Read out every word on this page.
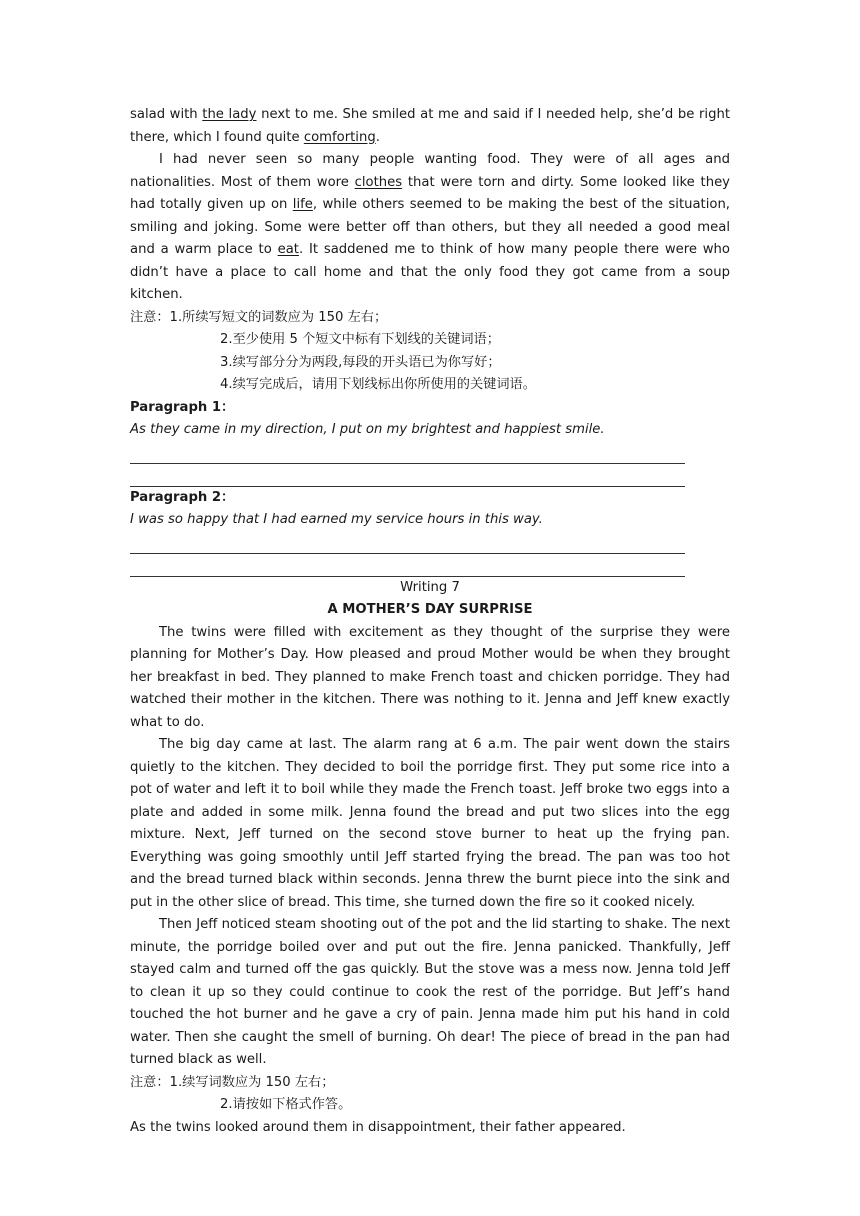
salad with the lady next to me. She smiled at me and said if I needed help, she’d be right there, which I found quite comforting.

I had never seen so many people wanting food. They were of all ages and nationalities. Most of them wore clothes that were torn and dirty. Some looked like they had totally given up on life, while others seemed to be making the best of the situation, smiling and joking. Some were better off than others, but they all needed a good meal and a warm place to eat. It saddened me to think of how many people there were who didn’t have a place to call home and that the only food they got came from a soup kitchen.

注意：1.所续写短文的词数应为 150 左右；
2.至少使用 5 个短文中标有下划线的关键词语；
3.续写部分分为两段,每段的开头语已为你写好；
4.续写完成后，请用下划线标出你所使用的关键词语。
Paragraph 1：
As they came in my direction, I put on my brightest and happiest smile.
Paragraph 2：
I was so happy that I had earned my service hours in this way.
Writing 7
A MOTHER’S DAY SURPRISE

The twins were filled with excitement as they thought of the surprise they were planning for Mother’s Day. How pleased and proud Mother would be when they brought her breakfast in bed. They planned to make French toast and chicken porridge. They had watched their mother in the kitchen. There was nothing to it. Jenna and Jeff knew exactly what to do.

The big day came at last. The alarm rang at 6 a.m. The pair went down the stairs quietly to the kitchen. They decided to boil the porridge first. They put some rice into a pot of water and left it to boil while they made the French toast. Jeff broke two eggs into a plate and added in some milk. Jenna found the bread and put two slices into the egg mixture. Next, Jeff turned on the second stove burner to heat up the frying pan. Everything was going smoothly until Jeff started frying the bread. The pan was too hot and the bread turned black within seconds. Jenna threw the burnt piece into the sink and put in the other slice of bread. This time, she turned down the fire so it cooked nicely.

Then Jeff noticed steam shooting out of the pot and the lid starting to shake. The next minute, the porridge boiled over and put out the fire. Jenna panicked. Thankfully, Jeff stayed calm and turned off the gas quickly. But the stove was a mess now. Jenna told Jeff to clean it up so they could continue to cook the rest of the porridge. But Jeff’s hand touched the hot burner and he gave a cry of pain. Jenna made him put his hand in cold water. Then she caught the smell of burning. Oh dear! The piece of bread in the pan had turned black as well.

注意：1.续写词数应为 150 左右；
2.请按如下格式作答。
As the twins looked around them in disappointment, their father appeared.
